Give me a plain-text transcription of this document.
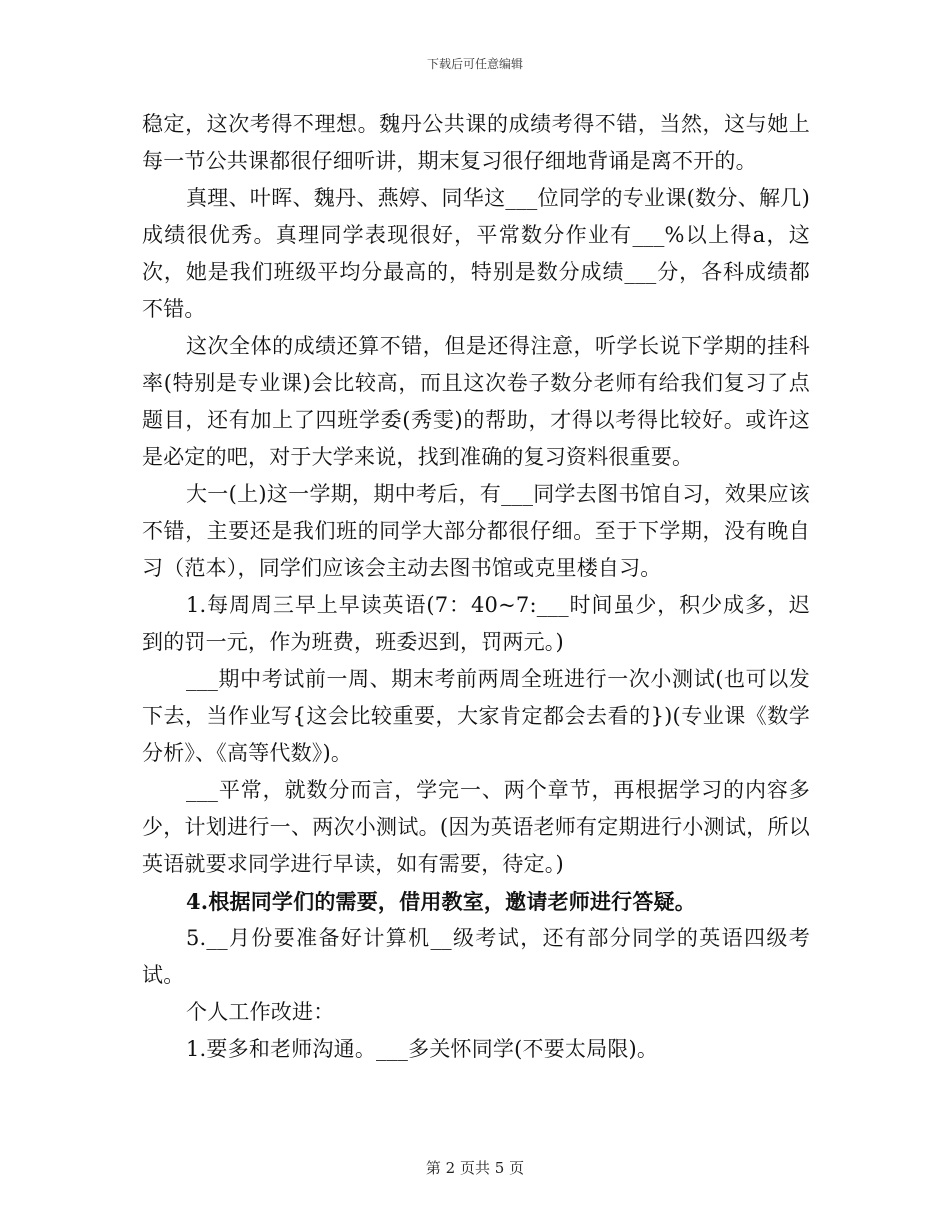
下载后可任意编辑

稳定，这次考得不理想。魏丹公共课的成绩考得不错，当然，这与她上每一节公共课都很仔细听讲，期末复习很仔细地背诵是离不开的。

真理、叶晖、魏丹、燕婷、同华这___位同学的专业课(数分、解几)成绩很优秀。真理同学表现很好，平常数分作业有___%以上得a，这次，她是我们班级平均分最高的，特别是数分成绩___分，各科成绩都不错。

这次全体的成绩还算不错，但是还得注意，听学长说下学期的挂科率(特别是专业课)会比较高，而且这次卷子数分老师有给我们复习了点题目，还有加上了四班学委(秀雯)的帮助，才得以考得比较好。或许这是必定的吧，对于大学来说，找到准确的复习资料很重要。

大一(上)这一学期，期中考后，有___同学去图书馆自习，效果应该不错，主要还是我们班的同学大部分都很仔细。至于下学期，没有晚自习（范本），同学们应该会主动去图书馆或克里楼自习。

1.每周周三早上早读英语(7：40~7:___时间虽少，积少成多，迟到的罚一元，作为班费，班委迟到，罚两元。)

___期中考试前一周、期末考前两周全班进行一次小测试(也可以发下去，当作业写{这会比较重要，大家肯定都会去看的})(专业课《数学分析》、《高等代数》)。

___平常，就数分而言，学完一、两个章节，再根据学习的内容多少，计划进行一、两次小测试。(因为英语老师有定期进行小测试，所以英语就要求同学进行早读，如有需要，待定。)

4.根据同学们的需要，借用教室，邀请老师进行答疑。

5.__月份要准备好计算机__级考试，还有部分同学的英语四级考试。

个人工作改进：

1.要多和老师沟通。___多关怀同学(不要太局限)。

第 2 页共 5 页
